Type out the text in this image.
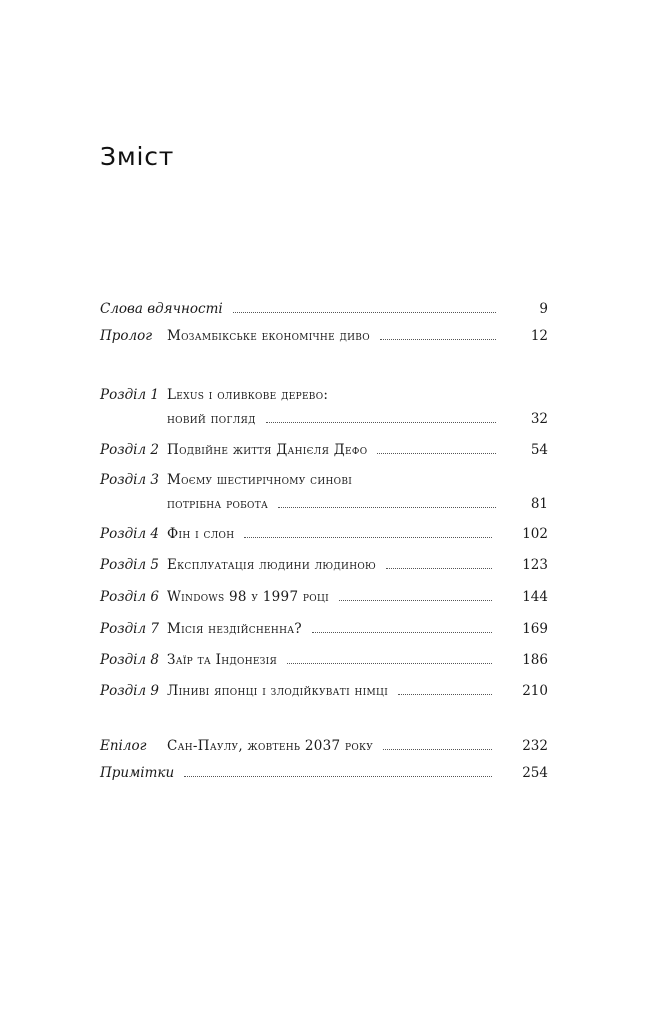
Зміст
Слова вдячності	9
Пролог	Мозамбікське економічне диво	12
Розділ 1 Lexus і оливкове дерево:
новий погляд	32
Розділ 2 Подвійне життя Данієля Дефо	54
Розділ 3 Моєму шестирічному синові
потрібна робота	81
Розділ 4 Фін і слон	102
Розділ 5 Експлуатація людини людиною	123
Розділ 6 Windows 98 у 1997 році	144
Розділ 7 Місія нездійсненна?	169
Розділ 8 Заїр та Індонезія	186
Розділ 9 Ліниві японці і злодійкуваті німці	210
Епілог	Сан-Паулу, жовтень 2037 року	232
Примітки	254
